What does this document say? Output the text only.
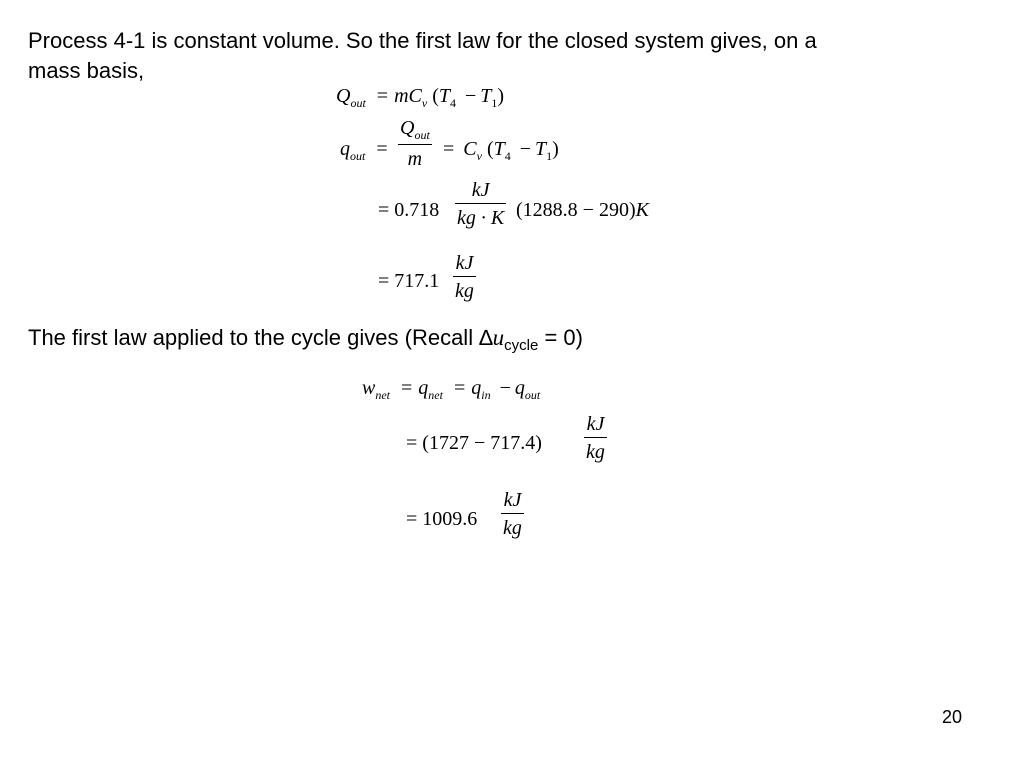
Process 4-1 is constant volume. So the first law for the closed system gives, on a

mass basis,

$Q_{out} = mC_v$ $(T_4 - T_1)$
$q_{out}$ =
$Q_{out}$
$m = C_v$ $(T_4 - T_1)$
= 0.718
kJ
kg · K (1288.8 − 290)K
= 717.1
kJ
kg

The first law applied to the cycle gives (Recall $\Delta u_{cycle} = 0$)

$w_{net} = q_{net} = q_{in} - q_{out}$
= (1727 − 717.4)
kJ
kg
= 1009.6
kJ
kg
20
